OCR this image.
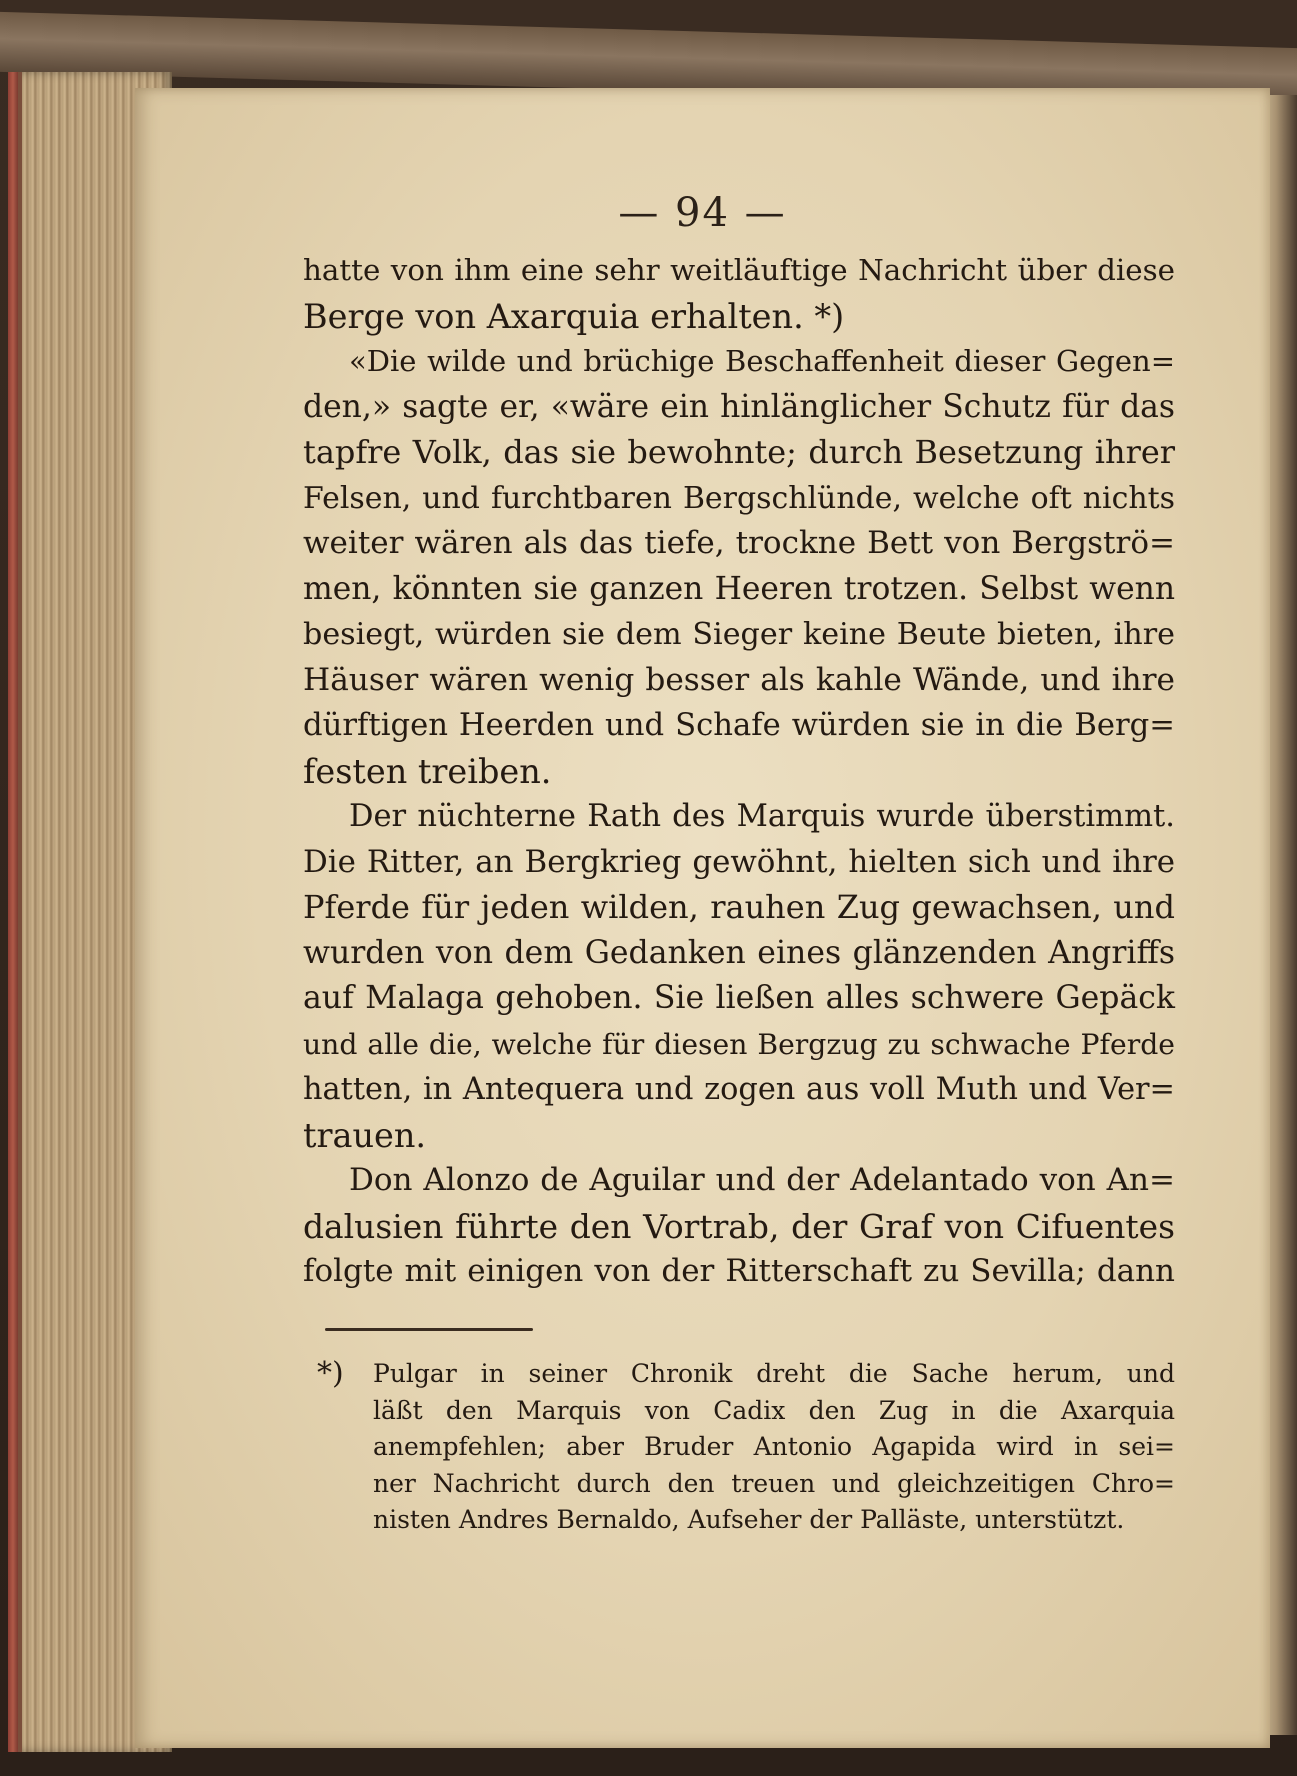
— 94 —
hatte von ihm eine sehr weitläuftige Nachricht über diese
Berge von Axarquia erhalten. *)
«Die wilde und brüchige Beschaffenheit dieser Gegen=
den,» sagte er, «wäre ein hinlänglicher Schutz für das
tapfre Volk, das sie bewohnte; durch Besetzung ihrer
Felsen, und furchtbaren Bergschlünde, welche oft nichts
weiter wären als das tiefe, trockne Bett von Bergströ=
men, könnten sie ganzen Heeren trotzen. Selbst wenn
besiegt, würden sie dem Sieger keine Beute bieten, ihre
Häuser wären wenig besser als kahle Wände, und ihre
dürftigen Heerden und Schafe würden sie in die Berg=
festen treiben.
Der nüchterne Rath des Marquis wurde überstimmt.
Die Ritter, an Bergkrieg gewöhnt, hielten sich und ihre
Pferde für jeden wilden, rauhen Zug gewachsen, und
wurden von dem Gedanken eines glänzenden Angriffs
auf Malaga gehoben. Sie ließen alles schwere Gepäck
und alle die, welche für diesen Bergzug zu schwache Pferde
hatten, in Antequera und zogen aus voll Muth und Ver=
trauen.
Don Alonzo de Aguilar und der Adelantado von An=
dalusien führte den Vortrab, der Graf von Cifuentes
folgte mit einigen von der Ritterschaft zu Sevilla; dann
*) Pulgar in seiner Chronik dreht die Sache herum, und
läßt den Marquis von Cadix den Zug in die Axarquia
anempfehlen; aber Bruder Antonio Agapida wird in sei=
ner Nachricht durch den treuen und gleichzeitigen Chro=
nisten Andres Bernaldo, Aufseher der Palläste, unterstützt.
